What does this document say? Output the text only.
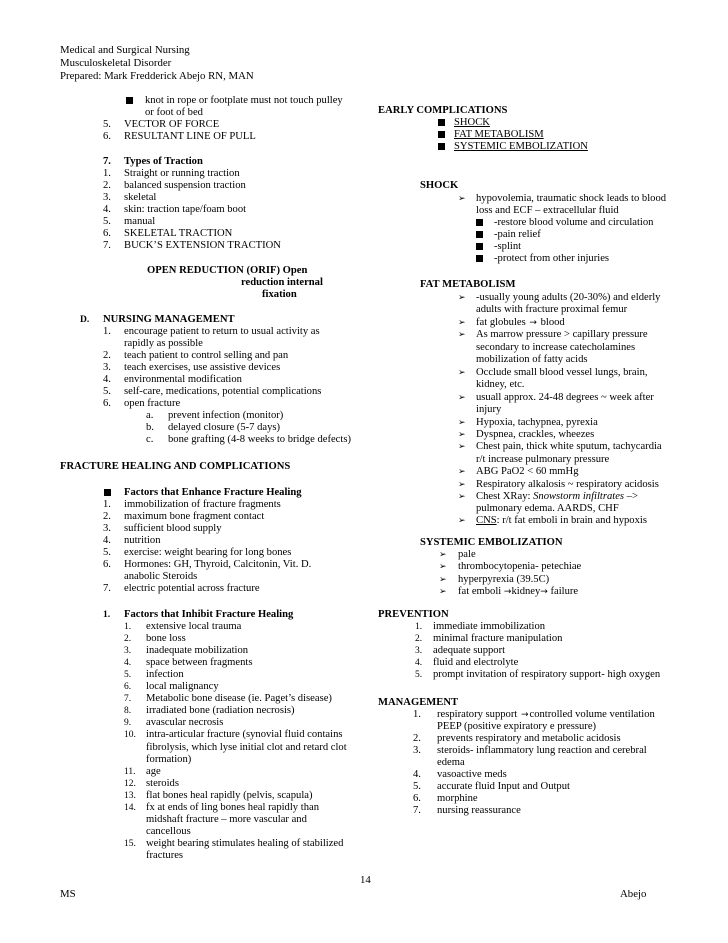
Medical and Surgical Nursing
Musculoskeletal Disorder
Prepared: Mark Fredderick Abejo RN, MAN
knot in rope or footplate must not touch pulley
or foot of bed
5. VECTOR OF FORCE
6. RESULTANT LINE OF PULL
7. Types of Traction
1. Straight or running traction
2. balanced suspension traction
3. skeletal
4. skin: traction tape/foam boot
5. manual
6. SKELETAL TRACTION
7. BUCK’S EXTENSION TRACTION
OPEN REDUCTION (ORIF) Open
reduction internal
fixation
D. NURSING MANAGEMENT
1. encourage patient to return to usual activity as
rapidly as possible
2. teach patient to control selling and pan
3. teach exercises, use assistive devices
4. environmental modification
5. self-care, medications, potential complications
6. open fracture
a. prevent infection (monitor)
b. delayed closure (5-7 days)
c. bone grafting (4-8 weeks to bridge defects)
FRACTURE HEALING AND COMPLICATIONS
Factors that Enhance Fracture Healing
1. immobilization of fracture fragments
2. maximum bone fragment contact
3. sufficient blood supply
4. nutrition
5. exercise: weight bearing for long bones
6. Hormones: GH, Thyroid, Calcitonin, Vit. D.
anabolic Steroids
7. electric potential across fracture
1. Factors that Inhibit Fracture Healing
1. extensive local trauma
2. bone loss
3. inadequate mobilization
4. space between fragments
5. infection
6. local malignancy
7. Metabolic bone disease (ie. Paget’s disease)
8. irradiated bone (radiation necrosis)
9. avascular necrosis
10. intra-articular fracture (synovial fluid contains
fibrolysis, which lyse initial clot and retard clot
formation)
11. age
12. steroids
13. flat bones heal rapidly (pelvis, scapula)
14. fx at ends of ling bones heal rapidly than
midshaft fracture – more vascular and
cancellous
15. weight bearing stimulates healing of stabilized
fractures
EARLY COMPLICATIONS
SHOCK
FAT METABOLISM
SYSTEMIC EMBOLIZATION
SHOCK
➢ hypovolemia, traumatic shock leads to blood
loss and ECF – extracellular fluid
-restore blood volume and circulation
-pain relief
-splint
-protect from other injuries
FAT METABOLISM
➢ -usually young adults (20-30%) and elderly
adults with fracture proximal femur
➢ fat globules → blood
➢ As marrow pressure > capillary pressure
secondary to increase catecholamines
mobilization of fatty acids
➢ Occlude small blood vessel lungs, brain,
kidney, etc.
➢ usuall approx. 24-48 degrees ~ week after
injury
➢ Hypoxia, tachypnea, pyrexia
➢ Dyspnea, crackles, wheezes
➢ Chest pain, thick white sputum, tachycardia
r/t increase pulmonary pressure
➢ ABG PaO2 < 60 mmHg
➢ Respiratory alkalosis ~ respiratory acidosis
➢ Chest XRay: Snowstorm infiltrates –>
pulmonary edema. AARDS, CHF
➢ CNS: r/t fat emboli in brain and hypoxis
SYSTEMIC EMBOLIZATION
➢ pale
➢ thrombocytopenia- petechiae
➢ hyperpyrexia (39.5C)
➢ fat emboli →kidney→ failure
PREVENTION
1. immediate immobilization
2. minimal fracture manipulation
3. adequate support
4. fluid and electrolyte
5. prompt invitation of respiratory support- high oxygen
MANAGEMENT
1. respiratory support →controlled volume ventilation
PEEP (positive expiratory e pressure)
2. prevents respiratory and metabolic acidosis
3. steroids- inflammatory lung reaction and cerebral
edema
4. vasoactive meds
5. accurate fluid Input and Output
6. morphine
7. nursing reassurance
14
MS	Abejo
